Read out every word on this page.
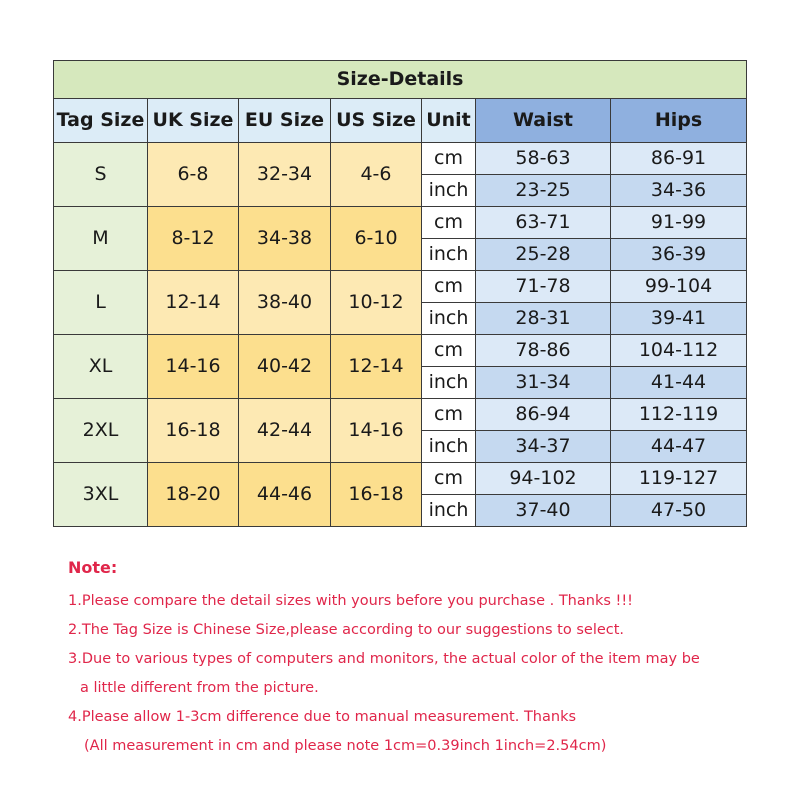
Size-Details						
Tag Size	UK Size	EU Size	US Size	Unit	Waist	Hips
S	6-8	32-34	4-6	cm	58-63	86-91
				inch	23-25	34-36
M	8-12	34-38	6-10	cm	63-71	91-99
				inch	25-28	36-39
L	12-14	38-40	10-12	cm	71-78	99-104
				inch	28-31	39-41
XL	14-16	40-42	12-14	cm	78-86	104-112
				inch	31-34	41-44
2XL	16-18	42-44	14-16	cm	86-94	112-119
				inch	34-37	44-47
3XL	18-20	44-46	16-18	cm	94-102	119-127
				inch	37-40	47-50
Note:
1.Please compare the detail sizes with yours before you purchase . Thanks !!!
2.The Tag Size is Chinese Size,please according to our suggestions to select.
3.Due to various types of computers and monitors, the actual color of the item may be
a little different from the picture.
4.Please allow 1-3cm difference due to manual measurement. Thanks
(All measurement in cm and please note 1cm=0.39inch 1inch=2.54cm)
